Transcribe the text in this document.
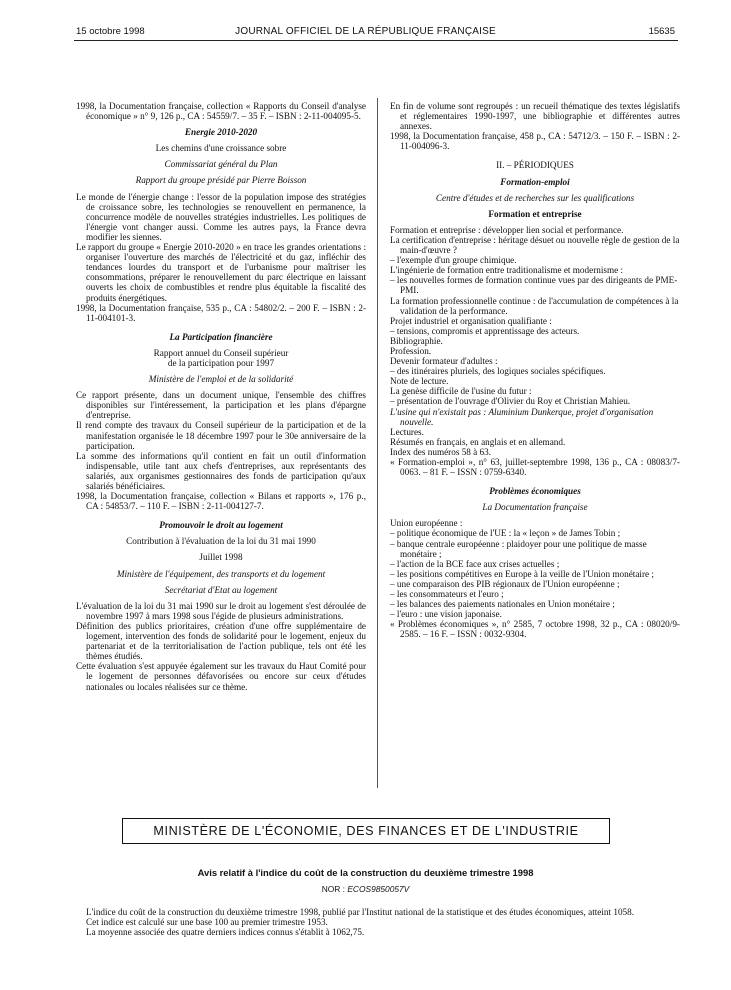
15 octobre 1998	JOURNAL OFFICIEL DE LA RÉPUBLIQUE FRANÇAISE	15635

1998, la Documentation française, collection « Rapports du Conseil d'analyse économique » n° 9, 126 p., CA : 54559/7. – 35 F. – ISBN : 2-11-004095-5.

Energie 2010-2020

Les chemins d'une croissance sobre

Commissariat général du Plan

Rapport du groupe présidé par Pierre Boisson

Le monde de l'énergie change : l'essor de la population impose des stratégies de croissance sobre, les technologies se renouvellent en permanence, la concurrence modèle de nouvelles stratégies industrielles. Les politiques de l'énergie vont changer aussi. Comme les autres pays, la France devra modifier les siennes.

Le rapport du groupe « Energie 2010-2020 » en trace les grandes orientations : organiser l'ouverture des marchés de l'électricité et du gaz, infléchir des tendances lourdes du transport et de l'urbanisme pour maîtriser les consommations, préparer le renouvellement du parc électrique en laissant ouverts les choix de combustibles et rendre plus équitable la fiscalité des produits énergétiques.

1998, la Documentation française, 535 p., CA : 54802/2. – 200 F. – ISBN : 2-11-004101-3.

La Participation financière

Rapport annuel du Conseil supérieur

de la participation pour 1997

Ministère de l'emploi et de la solidarité

Ce rapport présente, dans un document unique, l'ensemble des chiffres disponibles sur l'intéressement, la participation et les plans d'épargne d'entreprise.

Il rend compte des travaux du Conseil supérieur de la participation et de la manifestation organisée le 18 décembre 1997 pour le 30e anniversaire de la participation.

La somme des informations qu'il contient en fait un outil d'information indispensable, utile tant aux chefs d'entreprises, aux représentants des salariés, aux organismes gestionnaires des fonds de participation qu'aux salariés bénéficiaires.

1998, la Documentation française, collection « Bilans et rapports », 176 p., CA : 54853/7. – 110 F. – ISBN : 2-11-004127-7.

Promouvoir le droit au logement

Contribution à l'évaluation de la loi du 31 mai 1990

Juillet 1998

Ministère de l'équipement, des transports et du logement

Secrétariat d'Etat au logement

L'évaluation de la loi du 31 mai 1990 sur le droit au logement s'est déroulée de novembre 1997 à mars 1998 sous l'égide de plusieurs administrations.

Définition des publics prioritaires, création d'une offre supplémentaire de logement, intervention des fonds de solidarité pour le logement, enjeux du partenariat et de la territorialisation de l'action publique, tels ont été les thèmes étudiés.

Cette évaluation s'est appuyée également sur les travaux du Haut Comité pour le logement de personnes défavorisées ou encore sur ceux d'études nationales ou locales réalisées sur ce thème.

En fin de volume sont regroupés : un recueil thématique des textes législatifs et réglementaires 1990-1997, une bibliographie et différentes autres annexes.

1998, la Documentation française, 458 p., CA : 54712/3. – 150 F. – ISBN : 2-11-004096-3.

II. – PÉRIODIQUES

Formation-emploi

Centre d'études et de recherches sur les qualifications

Formation et entreprise

Formation et entreprise : développer lien social et performance.

La certification d'entreprise : héritage désuet ou nouvelle règle de gestion de la main-d'œuvre ?

– l'exemple d'un groupe chimique.

L'ingénierie de formation entre traditionalisme et modernisme :

– les nouvelles formes de formation continue vues par des dirigeants de PME-PMI.

La formation professionnelle continue : de l'accumulation de compétences à la validation de la performance.

Projet industriel et organisation qualifiante :

– tensions, compromis et apprentissage des acteurs.

Bibliographie.

Profession.

Devenir formateur d'adultes :

– des itinéraires pluriels, des logiques sociales spécifiques.

Note de lecture.

La genèse difficile de l'usine du futur :

– présentation de l'ouvrage d'Olivier du Roy et Christian Mahieu.

L'usine qui n'existait pas : Aluminium Dunkerque, projet d'organisation nouvelle.

Lectures.

Résumés en français, en anglais et en allemand.

Index des numéros 58 à 63.

« Formation-emploi », n° 63, juillet-septembre 1998, 136 p., CA : 08083/7-0063. – 81 F. – ISSN : 0759-6340.

Problèmes économiques

La Documentation française

Union européenne :

– politique économique de l'UE : la « leçon » de James Tobin ;

– banque centrale européenne : plaidoyer pour une politique de masse monétaire ;

– l'action de la BCE face aux crises actuelles ;

– les positions compétitives en Europe à la veille de l'Union monétaire ;

– une comparaison des PIB régionaux de l'Union européenne ;

– les consommateurs et l'euro ;

– les balances des paiements nationales en Union monétaire ;

– l'euro : une vision japonaise.

« Problèmes économiques », n° 2585, 7 octobre 1998, 32 p., CA : 08020/9-2585. – 16 F. – ISSN : 0032-9304.

MINISTÈRE DE L'ÉCONOMIE, DES FINANCES ET DE L'INDUSTRIE
Avis relatif à l'indice du coût de la construction du deuxième trimestre 1998
NOR : ECOS9850057V

L'indice du coût de la construction du deuxième trimestre 1998, publié par l'Institut national de la statistique et des études économiques, atteint 1058.

Cet indice est calculé sur une base 100 au premier trimestre 1953.

La moyenne associée des quatre derniers indices connus s'établit à 1062,75.
